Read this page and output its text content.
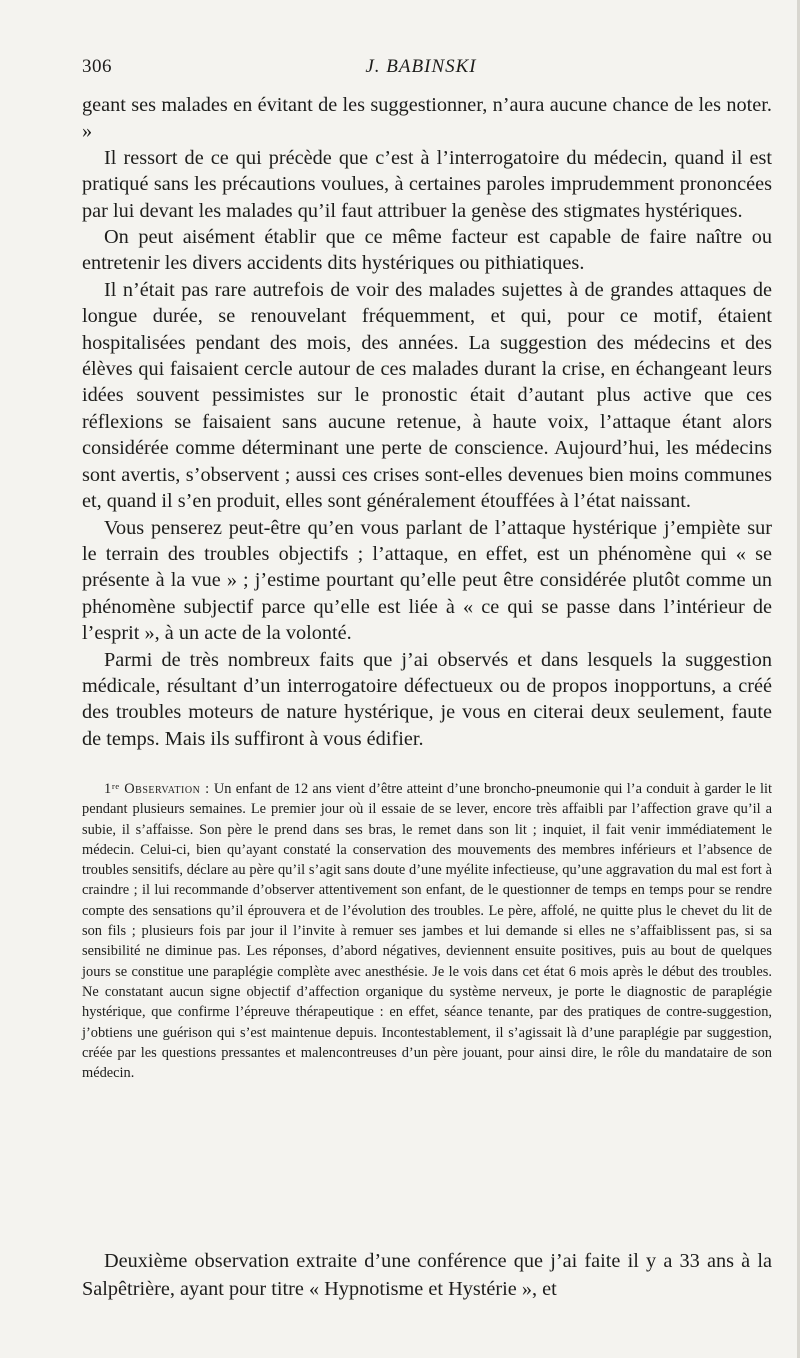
306	J. BABINSKI

geant ses malades en évitant de les suggestionner, n’aura aucune chance de les noter. »

Il ressort de ce qui précède que c’est à l’interrogatoire du médecin, quand il est pratiqué sans les précautions voulues, à certaines paroles imprudemment prononcées par lui devant les malades qu’il faut attribuer la genèse des stigmates hystériques.

On peut aisément établir que ce même facteur est capable de faire naître ou entretenir les divers accidents dits hystériques ou pithiatiques.

Il n’était pas rare autrefois de voir des malades sujettes à de grandes attaques de longue durée, se renouvelant fréquemment, et qui, pour ce motif, étaient hospitalisées pendant des mois, des années. La suggestion des médecins et des élèves qui faisaient cercle autour de ces malades durant la crise, en échangeant leurs idées souvent pessimistes sur le pronostic était d’autant plus active que ces réflexions se faisaient sans aucune retenue, à haute voix, l’attaque étant alors considérée comme déterminant une perte de conscience. Aujourd’hui, les médecins sont avertis, s’observent ; aussi ces crises sont-elles devenues bien moins communes et, quand il s’en produit, elles sont généralement étouffées à l’état naissant.

Vous penserez peut-être qu’en vous parlant de l’attaque hystérique j’empiète sur le terrain des troubles objectifs ; l’attaque, en effet, est un phénomène qui « se présente à la vue » ; j’estime pourtant qu’elle peut être considérée plutôt comme un phénomène subjectif parce qu’elle est liée à « ce qui se passe dans l’intérieur de l’esprit », à un acte de la volonté.

Parmi de très nombreux faits que j’ai observés et dans lesquels la suggestion médicale, résultant d’un interrogatoire défectueux ou de propos inopportuns, a créé des troubles moteurs de nature hystérique, je vous en citerai deux seulement, faute de temps. Mais ils suffiront à vous édifier.

1ʳᵉ Observation : Un enfant de 12 ans vient d’être atteint d’une broncho-pneumonie qui l’a conduit à garder le lit pendant plusieurs semaines. Le premier jour où il essaie de se lever, encore très affaibli par l’affection grave qu’il a subie, il s’affaisse. Son père le prend dans ses bras, le remet dans son lit ; inquiet, il fait venir immédiatement le médecin. Celui-ci, bien qu’ayant constaté la conservation des mouvements des membres inférieurs et l’absence de troubles sensitifs, déclare au père qu’il s’agit sans doute d’une myélite infectieuse, qu’une aggravation du mal est fort à craindre ; il lui recommande d’observer attentivement son enfant, de le questionner de temps en temps pour se rendre compte des sensations qu’il éprouvera et de l’évolution des troubles. Le père, affolé, ne quitte plus le chevet du lit de son fils ; plusieurs fois par jour il l’invite à remuer ses jambes et lui demande si elles ne s’affaiblissent pas, si sa sensibilité ne diminue pas. Les réponses, d’abord négatives, deviennent ensuite positives, puis au bout de quelques jours se constitue une paraplégie complète avec anesthésie. Je le vois dans cet état 6 mois après le début des troubles. Ne constatant aucun signe objectif d’affection organique du système nerveux, je porte le diagnostic de paraplégie hystérique, que confirme l’épreuve thérapeutique : en effet, séance tenante, par des pratiques de contre-suggestion, j’obtiens une guérison qui s’est maintenue depuis. Incontestablement, il s’agissait là d’une paraplégie par suggestion, créée par les questions pressantes et malencontreuses d’un père jouant, pour ainsi dire, le rôle du mandataire de son médecin.

Deuxième observation extraite d’une conférence que j’ai faite il y a 33 ans à la Salpêtrière, ayant pour titre « Hypnotisme et Hystérie », et
